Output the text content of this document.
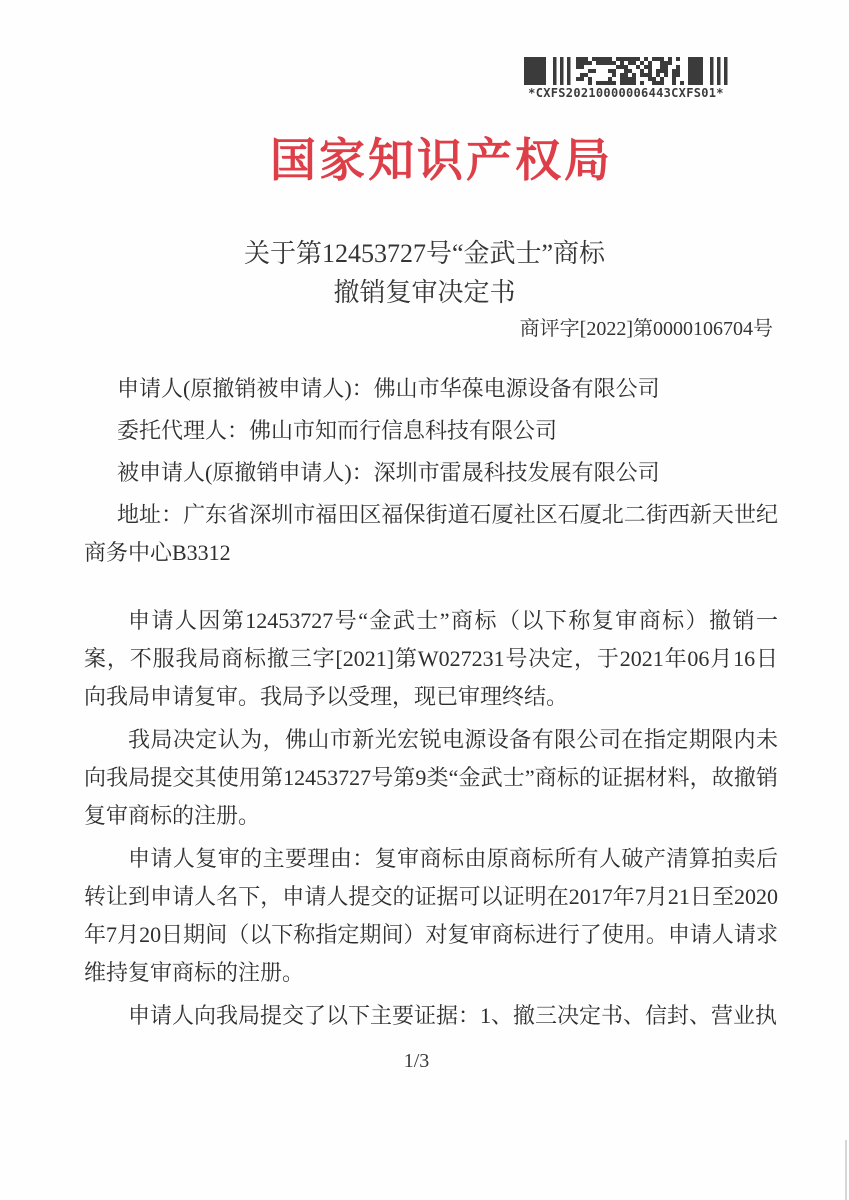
*CXFS20210000006443CXFS01*
国家知识产权局
关于第12453727号“金武士”商标
撤销复审决定书
商评字[2022]第0000106704号

申请人(原撤销被申请人)：佛山市华葆电源设备有限公司

委托代理人：佛山市知而行信息科技有限公司

被申请人(原撤销申请人)：深圳市雷晟科技发展有限公司

地址：广东省深圳市福田区福保街道石厦社区石厦北二街西新天世纪商务中心B3312

申请人因第12453727号“金武士”商标（以下称复审商标）撤销一案，不服我局商标撤三字[2021]第W027231号决定，于2021年06月16日向我局申请复审。我局予以受理，现已审理终结。

我局决定认为，佛山市新光宏锐电源设备有限公司在指定期限内未向我局提交其使用第12453727号第9类“金武士”商标的证据材料，故撤销复审商标的注册。

申请人复审的主要理由：复审商标由原商标所有人破产清算拍卖后转让到申请人名下，申请人提交的证据可以证明在2017年7月21日至2020年7月20日期间（以下称指定期间）对复审商标进行了使用。申请人请求维持复审商标的注册。

申请人向我局提交了以下主要证据：1、撤三决定书、信封、营业执

1/3
